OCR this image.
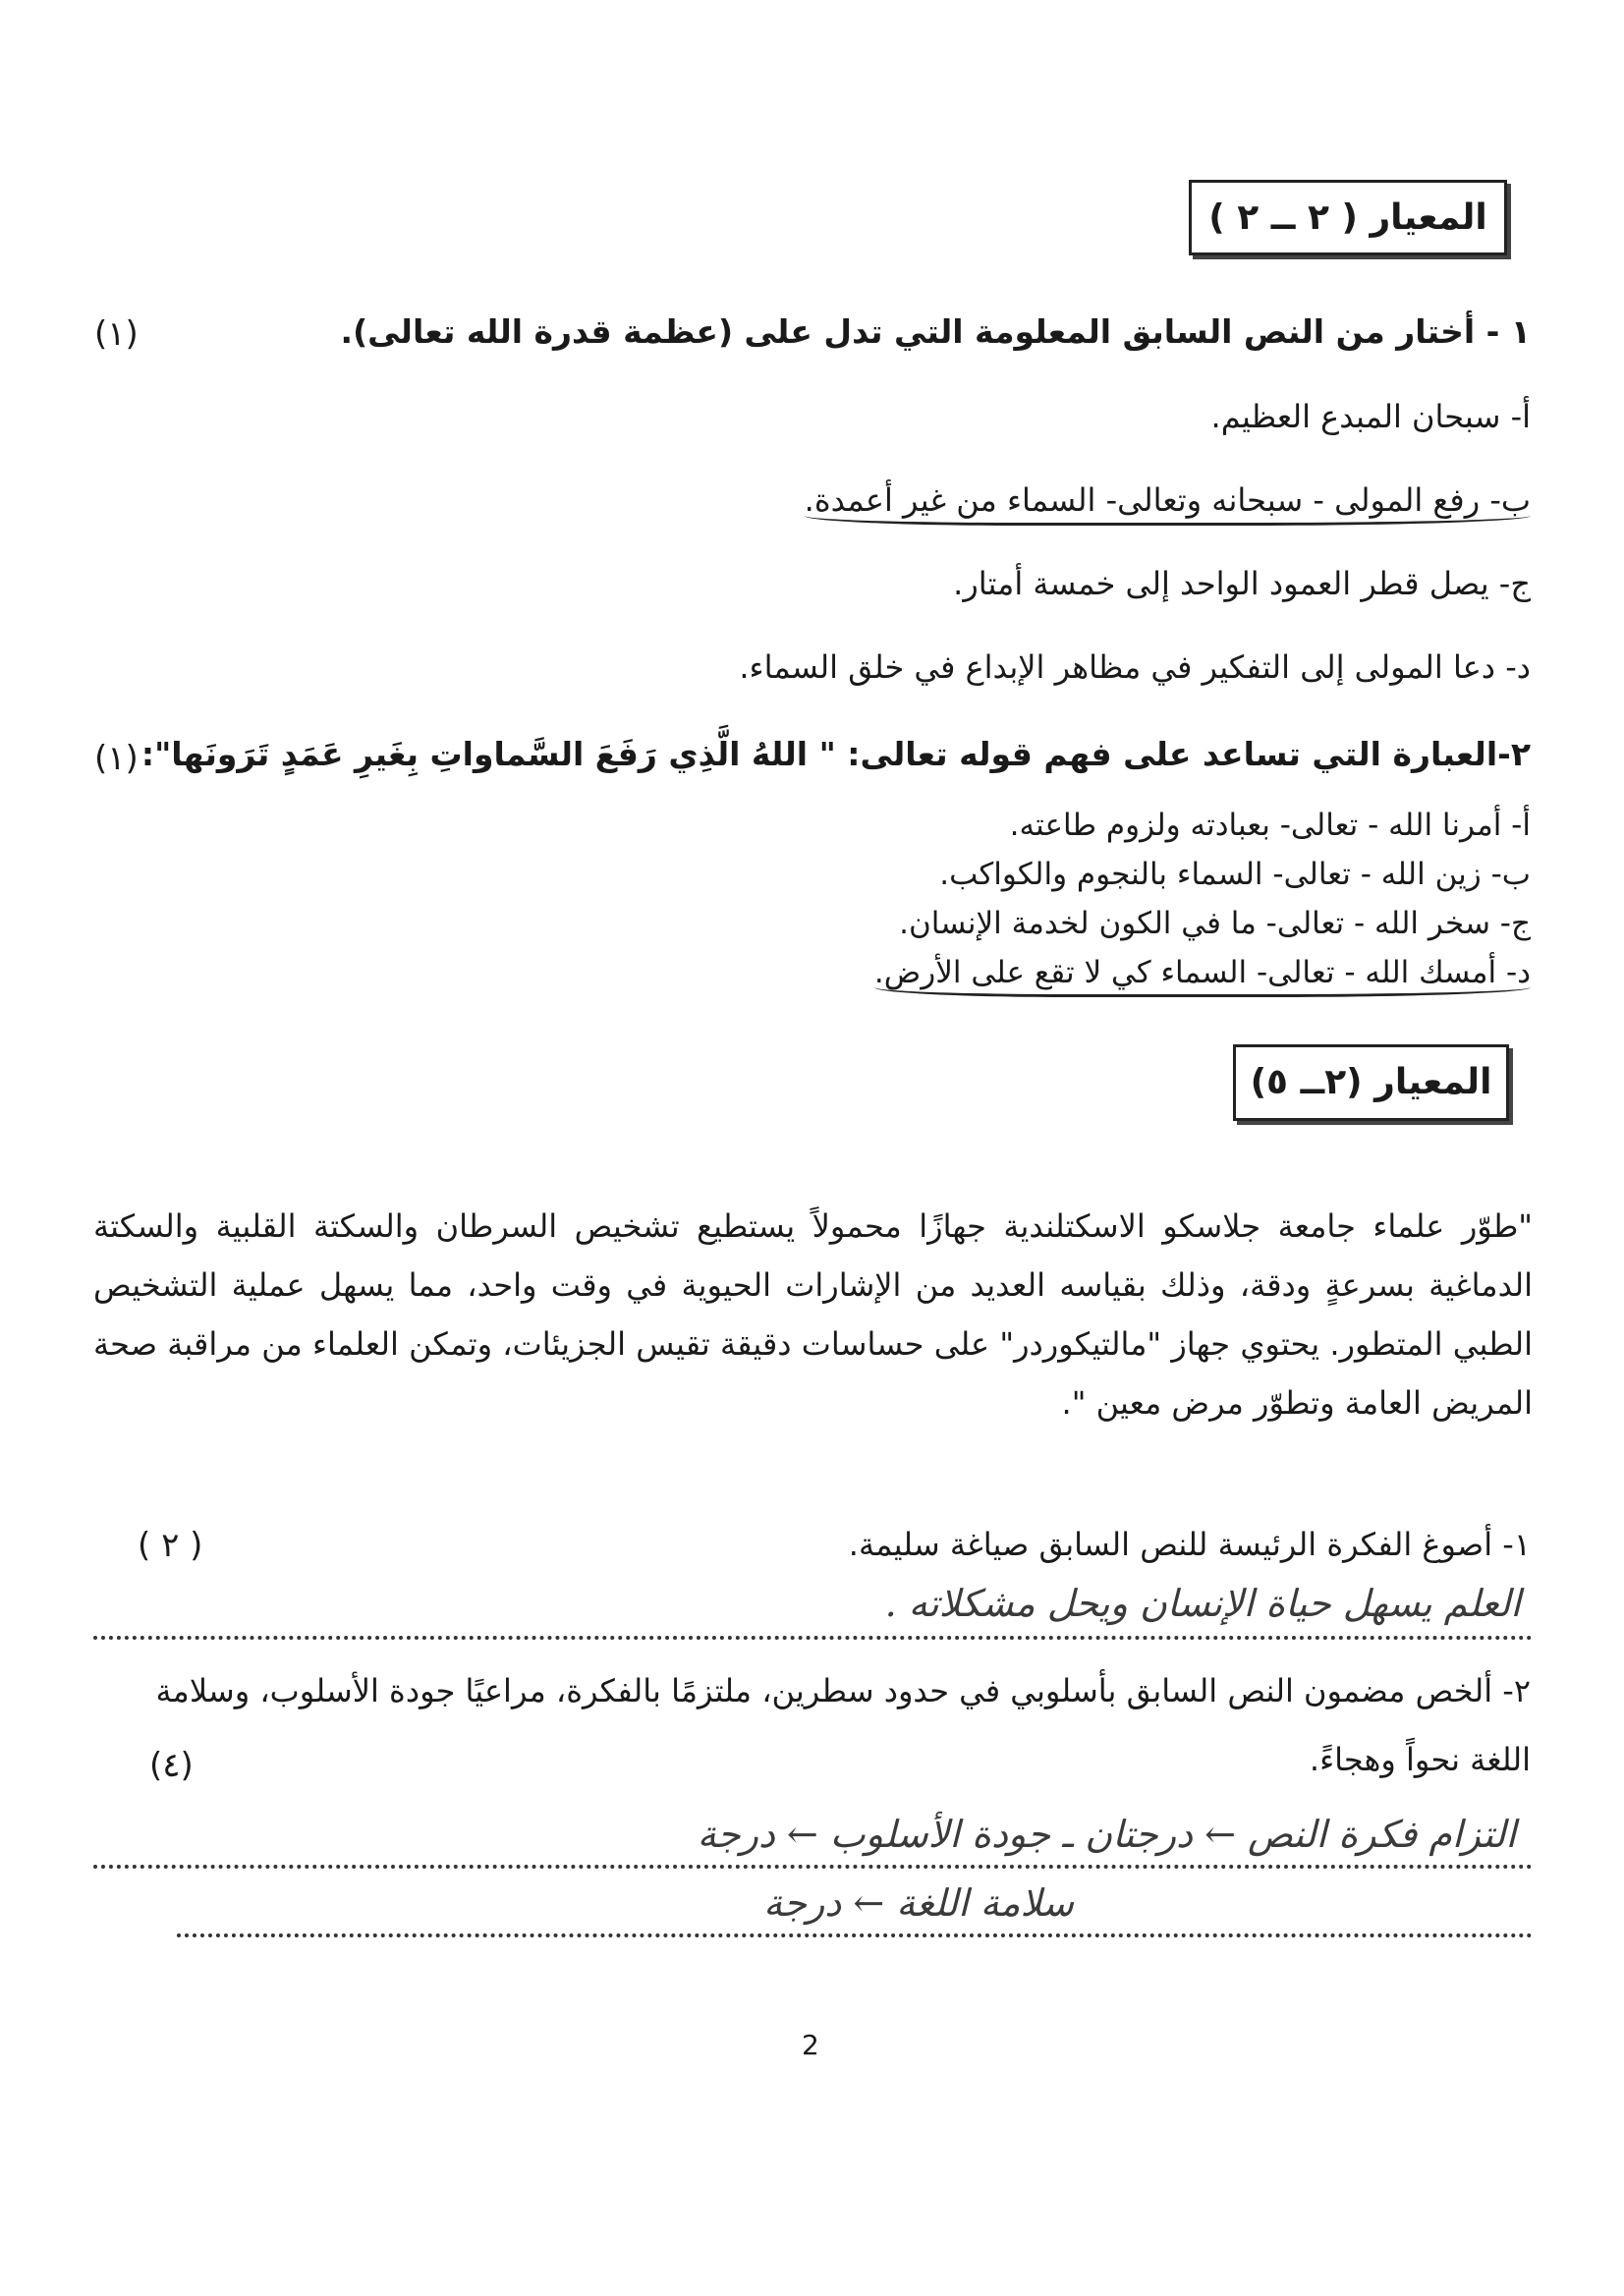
المعيار ( ٢ ــ ٢ )
١ - أختار من النص السابق المعلومة التي تدل على (عظمة قدرة الله تعالى).
(١)
أ- سبحان المبدع العظيم.
ب- رفع المولى - سبحانه وتعالى- السماء من غير أعمدة.
ج- يصل قطر العمود الواحد إلى خمسة أمتار.
د- دعا المولى إلى التفكير في مظاهر الإبداع في خلق السماء.
٢-العبارة التي تساعد على فهم قوله تعالى: " اللهُ الَّذِي رَفَعَ السَّماواتِ بِغَيرِ عَمَدٍ تَرَونَها":
(١)
أ- أمرنا الله - تعالى- بعبادته ولزوم طاعته.
ب- زين الله - تعالى- السماء بالنجوم والكواكب.
ج- سخر الله - تعالى- ما في الكون لخدمة الإنسان.
د- أمسك الله - تعالى- السماء كي لا تقع على الأرض.
المعيار (٢ــ ٥)
"طوّر علماء جامعة جلاسكو الاسكتلندية جهازًا محمولاً يستطيع تشخيص السرطان والسكتة القلبية والسكتة الدماغية بسرعةٍ ودقة، وذلك بقياسه العديد من الإشارات الحيوية في وقت واحد، مما يسهل عملية التشخيص الطبي المتطور. يحتوي جهاز "مالتيكوردر" على حساسات دقيقة تقيس الجزيئات، وتمكن العلماء من مراقبة صحة المريض العامة وتطوّر مرض معين ".
١- أصوغ الفكرة الرئيسة للنص السابق صياغة سليمة.
( ٢ )
العلم يسهل حياة الإنسان ويحل مشكلاته .
٢- ألخص مضمون النص السابق بأسلوبي في حدود سطرين، ملتزمًا بالفكرة، مراعيًا جودة الأسلوب، وسلامة
اللغة نحواً وهجاءً.
(٤)
التزام فكرة النص ← درجتان ـ جودة الأسلوب ← درجة
سلامة اللغة ← درجة
2
